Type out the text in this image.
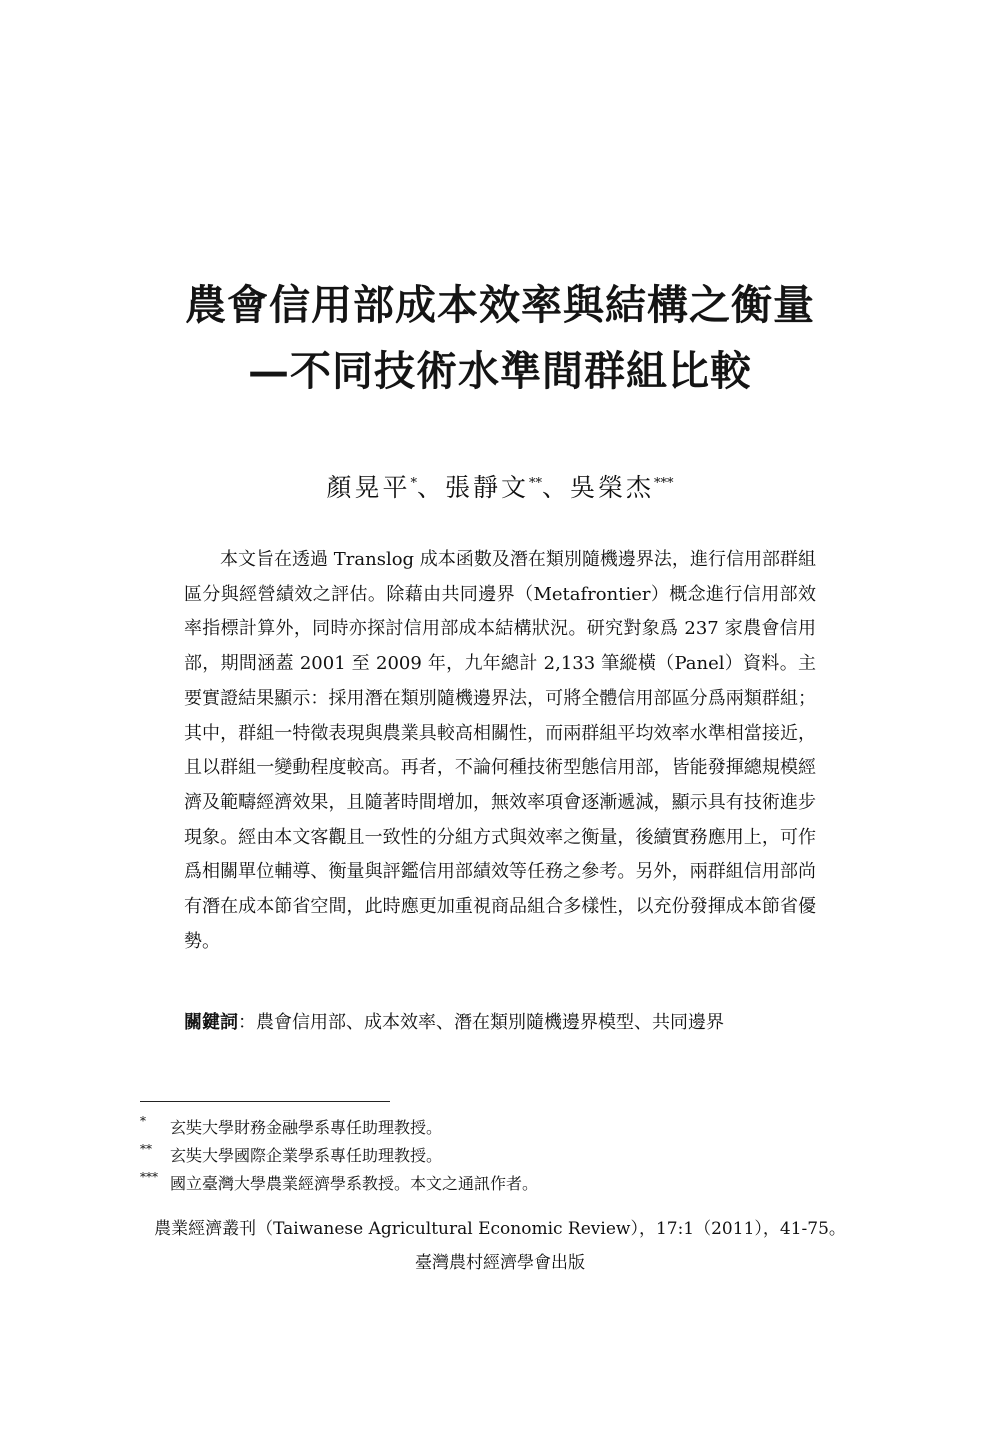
農會信用部成本效率與結構之衡量
—不同技術水準間群組比較
顏晃平*、張靜文**、吳榮杰***

本文旨在透過 Translog 成本函數及潛在類別隨機邊界法，進行信用部群組區分與經營績效之評估。除藉由共同邊界（Metafrontier）概念進行信用部效率指標計算外，同時亦探討信用部成本結構狀況。研究對象爲 237 家農會信用部，期間涵蓋 2001 至 2009 年，九年總計 2,133 筆縱橫（Panel）資料。主要實證結果顯示：採用潛在類別隨機邊界法，可將全體信用部區分爲兩類群組；其中，群組一特徵表現與農業具較高相關性，而兩群組平均效率水準相當接近，且以群組一變動程度較高。再者，不論何種技術型態信用部，皆能發揮總規模經濟及範疇經濟效果，且隨著時間增加，無效率項會逐漸遞減，顯示具有技術進步現象。經由本文客觀且一致性的分組方式與效率之衡量，後續實務應用上，可作爲相關單位輔導、衡量與評鑑信用部績效等任務之參考。另外，兩群組信用部尚有潛在成本節省空間，此時應更加重視商品組合多樣性，以充份發揮成本節省優勢。

關鍵詞：農會信用部、成本效率、潛在類別隨機邊界模型、共同邊界
* 玄奘大學財務金融學系專任助理教授。
** 玄奘大學國際企業學系專任助理教授。
*** 國立臺灣大學農業經濟學系教授。本文之通訊作者。
農業經濟叢刊（Taiwanese Agricultural Economic Review），17:1（2011），41-75。
臺灣農村經濟學會出版
